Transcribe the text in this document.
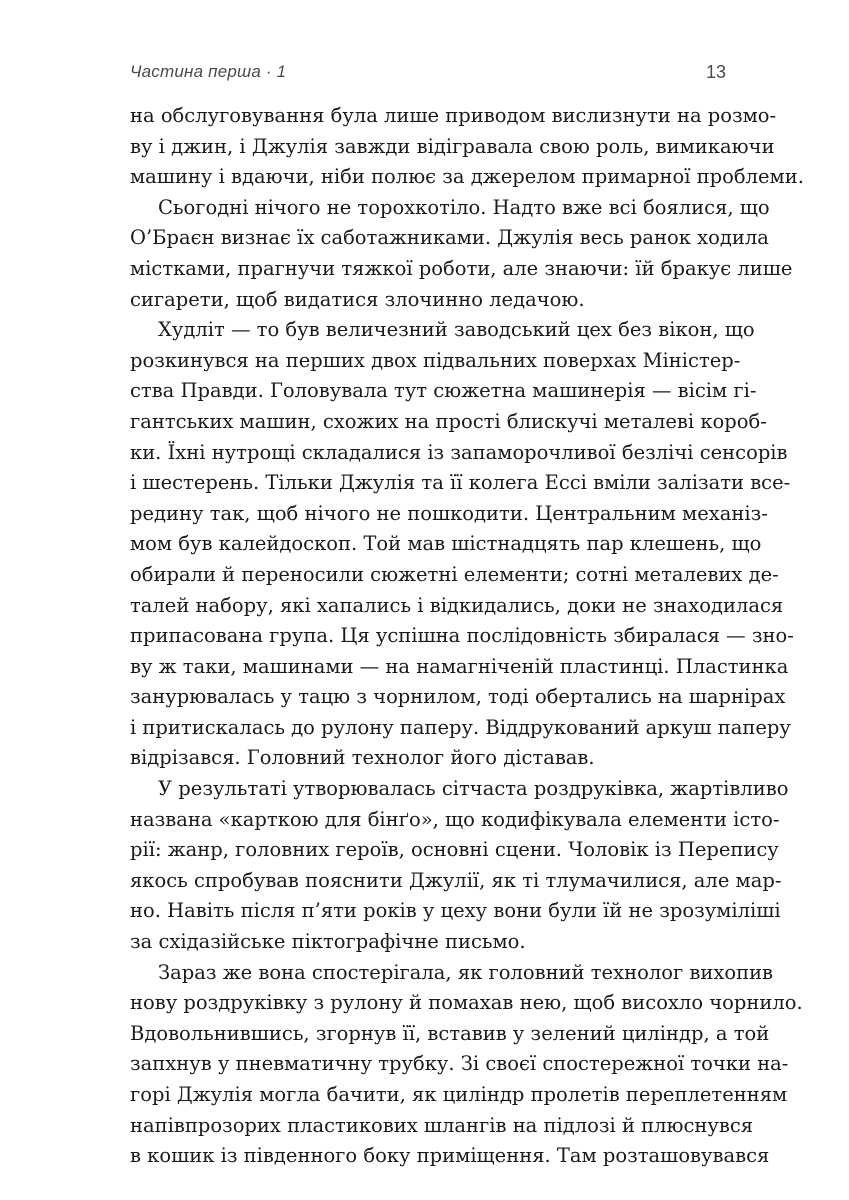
Частина перша · 1	13
на обслуговування була лише приводом вислизнути на розмо-
ву і джин, і Джулія завжди відігравала свою роль, вимикаючи
машину і вдаючи, ніби полює за джерелом примарної проблеми.
Сьогодні нічого не торохкотіло. Надто вже всі боялися, що
О’Браєн визнає їх саботажниками. Джулія весь ранок ходила
містками, прагнучи тяжкої роботи, але знаючи: їй бракує лише
сигарети, щоб видатися злочинно ледачою.
Худліт — то був величезний заводський цех без вікон, що
розкинувся на перших двох підвальних поверхах Міністер-
ства Правди. Головувала тут сюжетна машинерія — вісім гі-
гантських машин, схожих на прості блискучі металеві короб-
ки. Їхні нутрощі складалися із запаморочливої безлічі сенсорів
і шестерень. Тільки Джулія та її колега Ессі вміли залізати все-
редину так, щоб нічого не пошкодити. Центральним механіз-
мом був калейдоскоп. Той мав шістнадцять пар клешень, що
обирали й переносили сюжетні елементи; сотні металевих де-
талей набору, які хапались і відкидались, доки не знаходилася
припасована група. Ця успішна послідовність збиралася — зно-
ву ж таки, машинами — на намагніченій пластинці. Пластинка
занурювалась у тацю з чорнилом, тоді обертались на шарнірах
і притискалась до рулону паперу. Віддрукований аркуш паперу
відрізався. Головний технолог його діставав.
У результаті утворювалась сітчаста роздруківка, жартівливо
названа «карткою для бінґо», що кодифікувала елементи істо-
рії: жанр, головних героїв, основні сцени. Чоловік із Перепису
якось спробував пояснити Джулії, як ті тлумачилися, але мар-
но. Навіть після п’яти років у цеху вони були їй не зрозуміліші
за східазійське піктографічне письмо.
Зараз же вона спостерігала, як головний технолог вихопив
нову роздруківку з рулону й помахав нею, щоб висохло чорнило.
Вдовольнившись, згорнув її, вставив у зелений циліндр, а той
запхнув у пневматичну трубку. Зі своєї спостережної точки на-
горі Джулія могла бачити, як циліндр пролетів переплетенням
напівпрозорих пластикових шлангів на підлозі й плюснувся
в кошик із південного боку приміщення. Там розташовувався
